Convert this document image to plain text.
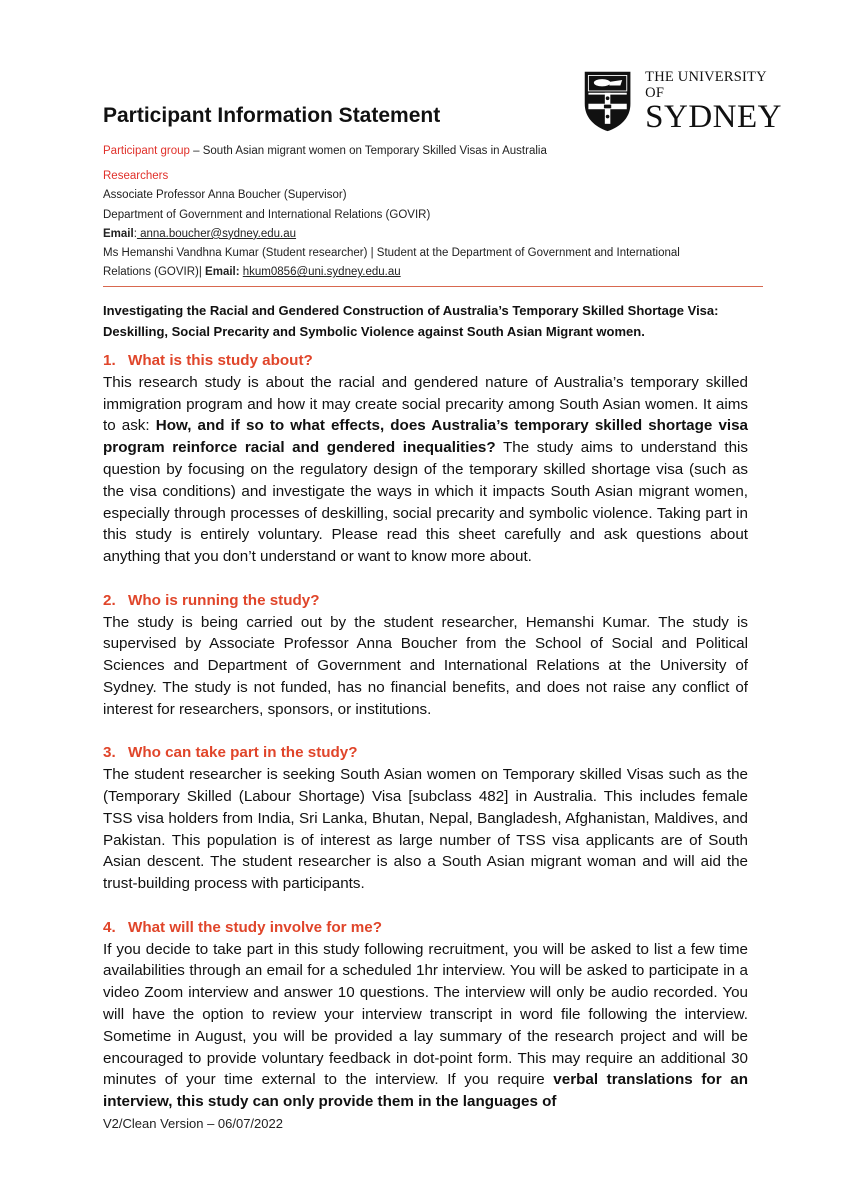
THE UNIVERSITY OF
SYDNEY
Participant Information Statement
Participant group – South Asian migrant women on Temporary Skilled Visas in Australia
Researchers
Associate Professor Anna Boucher (Supervisor)
Department of Government and International Relations (GOVIR)
Email: anna.boucher@sydney.edu.au
Ms Hemanshi Vandhna Kumar (Student researcher) | Student at the Department of Government and International
Relations (GOVIR)| Email: hkum0856@uni.sydney.edu.au
Investigating the Racial and Gendered Construction of Australia’s Temporary Skilled Shortage Visa: Deskilling, Social Precarity and Symbolic Violence against South Asian Migrant women.
1. What is this study about?

This research study is about the racial and gendered nature of Australia’s temporary skilled immigration program and how it may create social precarity among South Asian women. It aims to ask: How, and if so to what effects, does Australia’s temporary skilled shortage visa program reinforce racial and gendered inequalities? The study aims to understand this question by focusing on the regulatory design of the temporary skilled shortage visa (such as the visa conditions) and investigate the ways in which it impacts South Asian migrant women, especially through processes of deskilling, social precarity and symbolic violence. Taking part in this study is entirely voluntary. Please read this sheet carefully and ask questions about anything that you don’t understand or want to know more about.

2. Who is running the study?

The study is being carried out by the student researcher, Hemanshi Kumar. The study is supervised by Associate Professor Anna Boucher from the School of Social and Political Sciences and Department of Government and International Relations at the University of Sydney. The study is not funded, has no financial benefits, and does not raise any conflict of interest for researchers, sponsors, or institutions.

3. Who can take part in the study?

The student researcher is seeking South Asian women on Temporary skilled Visas such as the (Temporary Skilled (Labour Shortage) Visa [subclass 482] in Australia. This includes female TSS visa holders from India, Sri Lanka, Bhutan, Nepal, Bangladesh, Afghanistan, Maldives, and Pakistan. This population is of interest as large number of TSS visa applicants are of South Asian descent. The student researcher is also a South Asian migrant woman and will aid the trust-building process with participants.

4. What will the study involve for me?

If you decide to take part in this study following recruitment, you will be asked to list a few time availabilities through an email for a scheduled 1hr interview. You will be asked to participate in a video Zoom interview and answer 10 questions. The interview will only be audio recorded. You will have the option to review your interview transcript in word file following the interview. Sometime in August, you will be provided a lay summary of the research project and will be encouraged to provide voluntary feedback in dot-point form. This may require an additional 30 minutes of your time external to the interview. If you require verbal translations for an interview, this study can only provide them in the languages of

V2/Clean Version – 06/07/2022
